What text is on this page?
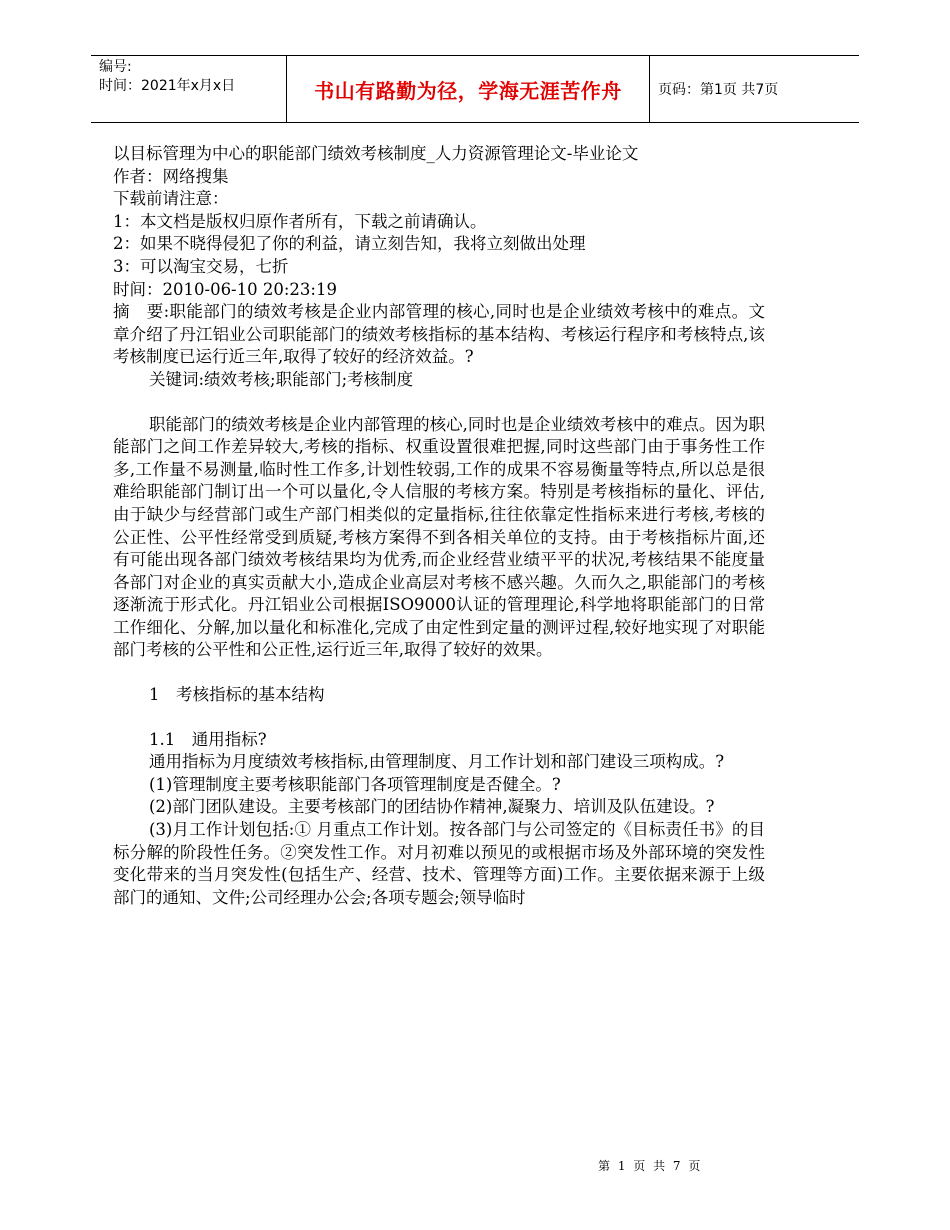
编号:
时间：2021年x月x日	书山有路勤为径，学海无涯苦作舟	页码：第1页 共7页
以目标管理为中心的职能部门绩效考核制度_人力资源管理论文-毕业论文
作者：网络搜集
下载前请注意：
1：本文档是版权归原作者所有，下载之前请确认。
2：如果不晓得侵犯了你的利益，请立刻告知，我将立刻做出处理
3：可以淘宝交易，七折
时间：2010-06-10 20:23:19

摘　要:职能部门的绩效考核是企业内部管理的核心,同时也是企业绩效考核中的难点。文章介绍了丹江铝业公司职能部门的绩效考核指标的基本结构、考核运行程序和考核特点,该考核制度已运行近三年,取得了较好的经济效益。?

关键词:绩效考核;职能部门;考核制度

职能部门的绩效考核是企业内部管理的核心,同时也是企业绩效考核中的难点。因为职能部门之间工作差异较大,考核的指标、权重设置很难把握,同时这些部门由于事务性工作多,工作量不易测量,临时性工作多,计划性较弱,工作的成果不容易衡量等特点,所以总是很难给职能部门制订出一个可以量化,令人信服的考核方案。特别是考核指标的量化、评估,由于缺少与经营部门或生产部门相类似的定量指标,往往依靠定性指标来进行考核,考核的公正性、公平性经常受到质疑,考核方案得不到各相关单位的支持。由于考核指标片面,还有可能出现各部门绩效考核结果均为优秀,而企业经营业绩平平的状况,考核结果不能度量各部门对企业的真实贡献大小,造成企业高层对考核不感兴趣。久而久之,职能部门的考核逐渐流于形式化。丹江铝业公司根据ISO9000认证的管理理论,科学地将职能部门的日常工作细化、分解,加以量化和标准化,完成了由定性到定量的测评过程,较好地实现了对职能部门考核的公平性和公正性,运行近三年,取得了较好的效果。

1　考核指标的基本结构

1.1　通用指标?

通用指标为月度绩效考核指标,由管理制度、月工作计划和部门建设三项构成。?

(1)管理制度主要考核职能部门各项管理制度是否健全。?

(2)部门团队建设。主要考核部门的团结协作精神,凝聚力、培训及队伍建设。?

(3)月工作计划包括:① 月重点工作计划。按各部门与公司签定的《目标责任书》的目标分解的阶段性任务。②突发性工作。对月初难以预见的或根据市场及外部环境的突发性变化带来的当月突发性(包括生产、经营、技术、管理等方面)工作。主要依据来源于上级部门的通知、文件;公司经理办公会;各项专题会;领导临时

第 1 页 共 7 页
